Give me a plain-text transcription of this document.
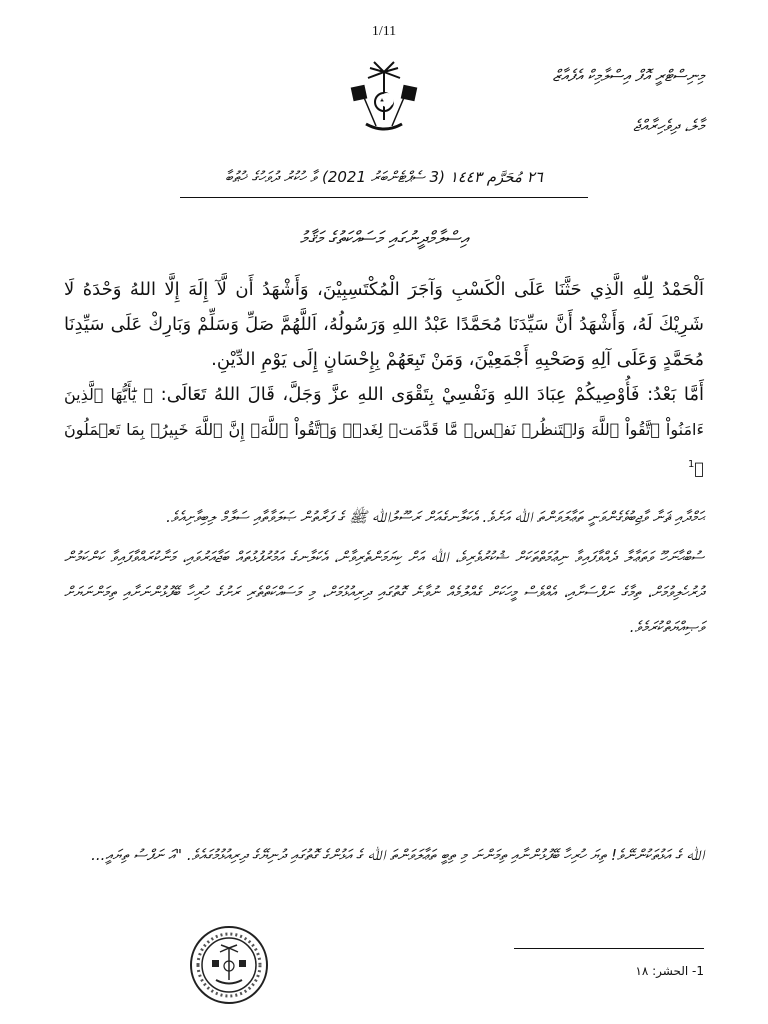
1/11
މިނިސްޓްރީ އޮފް އިސްލާމިކް އެފެއާޒް
މާލެ، ދިވެހިރާއްޖެ
٢٦ مُحَرَّم ١٤٤٣ (3 ސެޕްޓެންބަރު 2021) ވާ ހުކުރު ދުވަހުގެ ޚުޠުބާ
އިސްލާމްދީނުގައި މަސައްކަތުގެ މަޤާމު

اَلْحَمْدُ لِلّٰهِ الَّذِي حَثَّنَا عَلَى الْكَسْبِ وَآجَرَ الْمُكْتَسِبِيْنَ، وَأَشْهَدُ أَن لَّآ إِلَهَ إِلَّا اللهُ وَحْدَهُ لَا شَرِيْكَ لَهُ، وَأَشْهَدُ أَنَّ سَيِّدَنَا مُحَمَّدًا عَبْدُ اللهِ وَرَسُولُهُ، اَللَّهُمَّ صَلِّ وَسَلِّمْ وَبَارِكْ عَلَى سَيِّدِنَا مُحَمَّدٍ وَعَلَى آلِهِ وَصَحْبِهِ أَجْمَعِيْنَ، وَمَنْ تَبِعَهُمْ بِإِحْسَانٍ إِلَى يَوْمِ الدِّيْنِ.

أَمَّا بَعْدُ: فَأُوْصِيكُمْ عِبَادَ اللهِ وَنَفْسِيْ بِتَقْوَى اللهِ عزَّ وَجَلَّ، قَالَ اللهُ تَعَالَى: ﴿ يَٰٓأَيُّهَا ٱلَّذِينَ ءَامَنُواْ ٱتَّقُواْ ٱللَّهَ وَلۡتَنظُرۡ نَفۡسٞ مَّا قَدَّمَتۡ لِغَدٖۖ وَٱتَّقُواْ ٱللَّهَۚ إِنَّ ٱللَّهَ خَبِيرُۢ بِمَا تَعۡمَلُونَ ﴾$^1$

ޙަމްދާއި ޘަނާ ވާޖިބުވެގެންވަނީ ތަޢާލަވަންތަ ﷲ އަށެވެ. އެކަލާނގެއަށް ރަސޫލުﷲ ﷺ ގެ ފަރާތުން ޞަލަވާތާއި ސަލާމް ލިބިވާށިއެވެ.

ސުބްޙާނަހޫ ވަތަޢާލާ ދެއްވާފައިވާ ނިޢުމަތްތަކަށް ޝުކުރުވެރިވެ، ﷲ އަށް ކިޔަމަންތެރިވާން، އެކަލާނގެ އަމުރުފުޅުތައް ބަޖާއަރުވައި، މަނާކުރައްވާފައިވާ ކަންކަމުން ދުރުހެލިވުމަށް، ތިމާގެ ނަފްސަށާއި، އެއްވެސް މީހަކަށް ގެއްލުމެއް ނުވާނެ ގޮތުގައި ދިރިއުޅުމަށް، މި މަސައްކަތްތެރި ރަށުގެ ހުރިހާ ބޭފުޅުންނަށާއި ތިމަންނަޔަށް ވަޞިއްޔަތްކުރަމެވެ.

ﷲ ގެ އަޅުތަކުންނޭވެ! ތިޔަ ހުރިހާ ބޭފުޅުންނާއި ތިމަންނަ މި ތިބީ ތަޢާލަވަންތަ ﷲ ގެ އަޅުންގެ ގޮތުގައި ދުނިޔޭގެ ދިރިއުޅުމުގައެވެ. "އަ ނަފްސު ތިޔައީ...

1- الحشر: ١٨
